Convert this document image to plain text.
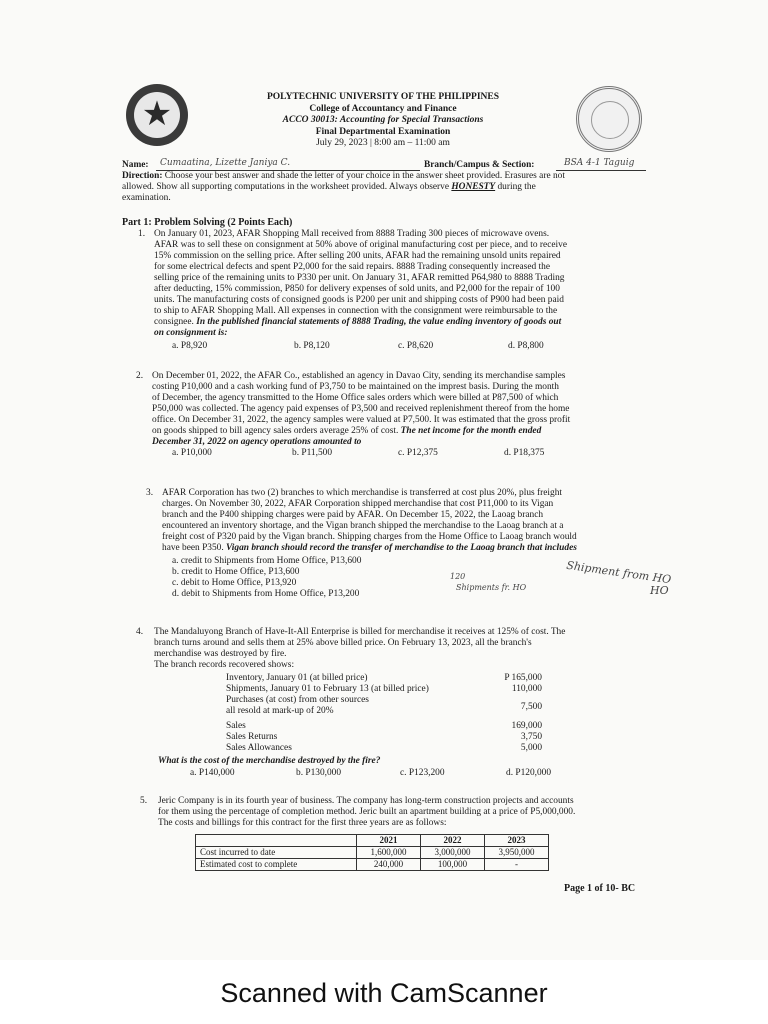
★	POLYTECHNIC UNIVERSITY OF THE PHILIPPINES
College of Accountancy and Finance
ACCO 30013: Accounting for Special Transactions
Final Departmental Examination
July 29, 2023 | 8:00 am – 11:00 am
Name: Cumaatina, Lizette Janiya C.	Branch/Campus & Section:	BSA 4-1 Taguig
Direction: Choose your best answer and shade the letter of your choice in the answer sheet provided. Erasures are not
allowed. Show all supporting computations in the worksheet provided. Always observe HONESTY during the
examination.
Part 1: Problem Solving (2 Points Each)
1. On January 01, 2023, AFAR Shopping Mall received from 8888 Trading 300 pieces of microwave ovens.
AFAR was to sell these on consignment at 50% above of original manufacturing cost per piece, and to receive
15% commission on the selling price. After selling 200 units, AFAR had the remaining unsold units repaired
for some electrical defects and spent P2,000 for the said repairs. 8888 Trading consequently increased the
selling price of the remaining units to P330 per unit. On January 31, AFAR remitted P64,980 to 8888 Trading
after deducting, 15% commission, P850 for delivery expenses of sold units, and P2,000 for the repair of 100
units. The manufacturing costs of consigned goods is P200 per unit and shipping costs of P900 had been paid
to ship to AFAR Shopping Mall. All expenses in connection with the consignment were reimbursable to the
consignee. In the published financial statements of 8888 Trading, the value ending inventory of goods out
on consignment is:
a. P8,920	b. P8,120	c. P8,620	d. P8,800
2. On December 01, 2022, the AFAR Co., established an agency in Davao City, sending its merchandise samples
costing P10,000 and a cash working fund of P3,750 to be maintained on the imprest basis. During the month
of December, the agency transmitted to the Home Office sales orders which were billed at P87,500 of which
P50,000 was collected. The agency paid expenses of P3,500 and received replenishment thereof from the home
office. On December 31, 2022, the agency samples were valued at P7,500. It was estimated that the gross profit
on goods shipped to bill agency sales orders average 25% of cost. The net income for the month ended
December 31, 2022 on agency operations amounted to
a. P10,000	b. P11,500	c. P12,375	d. P18,375
3. AFAR Corporation has two (2) branches to which merchandise is transferred at cost plus 20%, plus freight
charges. On November 30, 2022, AFAR Corporation shipped merchandise that cost P11,000 to its Vigan
branch and the P400 shipping charges were paid by AFAR. On December 15, 2022, the Laoag branch
encountered an inventory shortage, and the Vigan branch shipped the merchandise to the Laoag branch at a
freight cost of P320 paid by the Vigan branch. Shipping charges from the Home Office to Laoag branch would
have been P350. Vigan branch should record the transfer of merchandise to the Laoag branch that includes
a. credit to Shipments from Home Office, P13,600
b. credit to Home Office, P13,600
c. debit to Home Office, P13,920
d. debit to Shipments from Home Office, P13,200
120
Shipments fr. HO
Shipment from HO
HO
4. The Mandaluyong Branch of Have-It-All Enterprise is billed for merchandise it receives at 125% of cost. The
branch turns around and sells them at 25% above billed price. On February 13, 2023, all the branch's
merchandise was destroyed by fire.
The branch records recovered shows:
Inventory, January 01 (at billed price)	P 165,000
Shipments, January 01 to February 13 (at billed price)	110,000
Purchases (at cost) from other sources
all resold at mark-up of 20%	7,500
Sales	169,000
Sales Returns	3,750
Sales Allowances	5,000
What is the cost of the merchandise destroyed by the fire?
a. P140,000	b. P130,000	c. P123,200	d. P120,000
5. Jeric Company is in its fourth year of business. The company has long-term construction projects and accounts
for them using the percentage of completion method. Jeric built an apartment building at a price of P5,000,000.
The costs and billings for this contract for the first three years are as follows:
	2021	2022	2023
Cost incurred to date	1,600,000	3,000,000	3,950,000
Estimated cost to complete	240,000	100,000	-
Page 1 of 10- BC
Scanned with CamScanner
